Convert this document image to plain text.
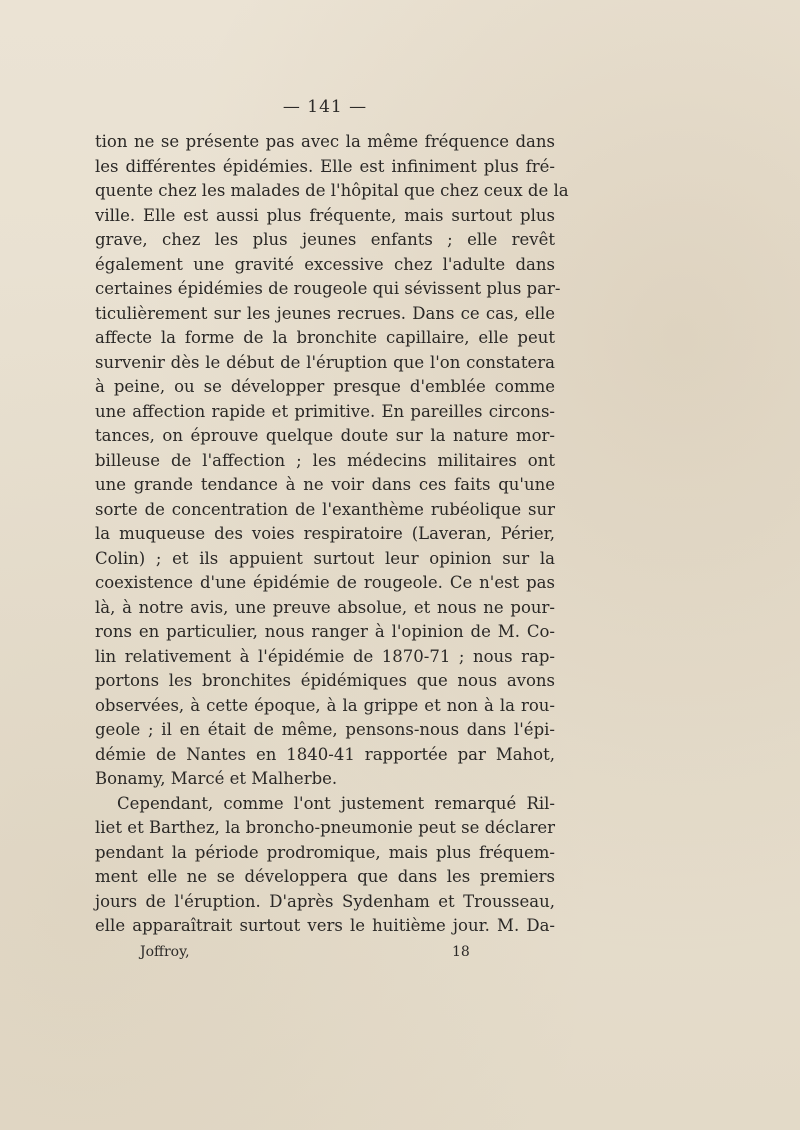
— 141 —
tion ne se présente pas avec la même fréquence dans
les différentes épidémies. Elle est infiniment plus fré-
quente chez les malades de l'hôpital que chez ceux de la
ville. Elle est aussi plus fréquente, mais surtout plus
grave, chez les plus jeunes enfants ; elle revêt
également une gravité excessive chez l'adulte dans
certaines épidémies de rougeole qui sévissent plus par-
ticulièrement sur les jeunes recrues. Dans ce cas, elle
affecte la forme de la bronchite capillaire, elle peut
survenir dès le début de l'éruption que l'on constatera
à peine, ou se développer presque d'emblée comme
une affection rapide et primitive. En pareilles circons-
tances, on éprouve quelque doute sur la nature mor-
billeuse de l'affection ; les médecins militaires ont
une grande tendance à ne voir dans ces faits qu'une
sorte de concentration de l'exanthème rubéolique sur
la muqueuse des voies respiratoire (Laveran, Périer,
Colin) ; et ils appuient surtout leur opinion sur la
coexistence d'une épidémie de rougeole. Ce n'est pas
là, à notre avis, une preuve absolue, et nous ne pour-
rons en particulier, nous ranger à l'opinion de M. Co-
lin relativement à l'épidémie de 1870-71 ; nous rap-
portons les bronchites épidémiques que nous avons
observées, à cette époque, à la grippe et non à la rou-
geole ; il en était de même, pensons-nous dans l'épi-
démie de Nantes en 1840-41 rapportée par Mahot,
Bonamy, Marcé et Malherbe.
Cependant, comme l'ont justement remarqué Ril-
liet et Barthez, la broncho-pneumonie peut se déclarer
pendant la période prodromique, mais plus fréquem-
ment elle ne se développera que dans les premiers
jours de l'éruption. D'après Sydenham et Trousseau,
elle apparaîtrait surtout vers le huitième jour. M. Da-
Joffroy,	18
